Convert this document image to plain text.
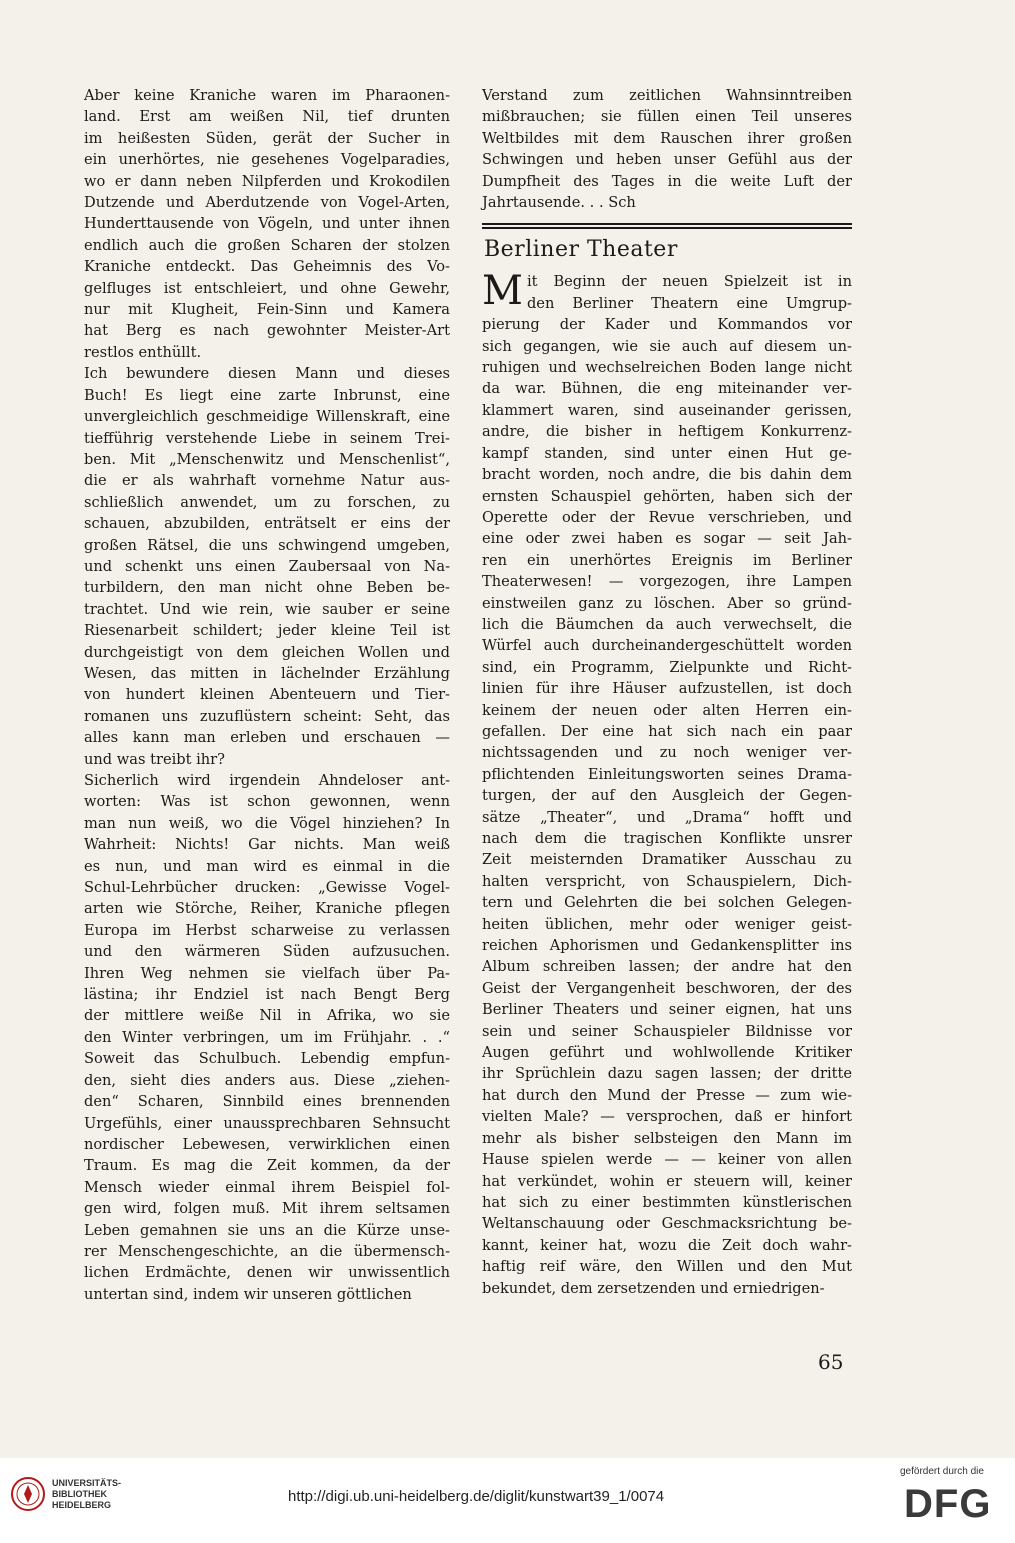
Aber keine Kraniche waren im Pharaonen-
land. Erst am weißen Nil, tief drunten
im heißesten Süden, gerät der Sucher in
ein unerhörtes, nie gesehenes Vogelparadies,
wo er dann neben Nilpferden und Krokodilen
Dutzende und Aberdutzende von Vogel-Arten,
Hunderttausende von Vögeln, und unter ihnen
endlich auch die großen Scharen der stolzen
Kraniche entdeckt. Das Geheimnis des Vo-
gelfluges ist entschleiert, und ohne Gewehr,
nur mit Klugheit, Fein-Sinn und Kamera
hat Berg es nach gewohnter Meister-Art
restlos enthüllt.
Ich bewundere diesen Mann und dieses
Buch! Es liegt eine zarte Inbrunst, eine
unvergleichlich geschmeidige Willenskraft, eine
tiefführig verstehende Liebe in seinem Trei-
ben. Mit „Menschenwitz und Menschenlist“,
die er als wahrhaft vornehme Natur aus-
schließlich anwendet, um zu forschen, zu
schauen, abzubilden, enträtselt er eins der
großen Rätsel, die uns schwingend umgeben,
und schenkt uns einen Zaubersaal von Na-
turbildern, den man nicht ohne Beben be-
trachtet. Und wie rein, wie sauber er seine
Riesenarbeit schildert; jeder kleine Teil ist
durchgeistigt von dem gleichen Wollen und
Wesen, das mitten in lächelnder Erzählung
von hundert kleinen Abenteuern und Tier-
romanen uns zuzuflüstern scheint: Seht, das
alles kann man erleben und erschauen —
und was treibt ihr?
Sicherlich wird irgendein Ahndeloser ant-
worten: Was ist schon gewonnen, wenn
man nun weiß, wo die Vögel hinziehen? In
Wahrheit: Nichts! Gar nichts. Man weiß
es nun, und man wird es einmal in die
Schul-Lehrbücher drucken: „Gewisse Vogel-
arten wie Störche, Reiher, Kraniche pflegen
Europa im Herbst scharweise zu verlassen
und den wärmeren Süden aufzusuchen.
Ihren Weg nehmen sie vielfach über Pa-
lästina; ihr Endziel ist nach Bengt Berg
der mittlere weiße Nil in Afrika, wo sie
den Winter verbringen, um im Frühjahr. . .“
Soweit das Schulbuch. Lebendig empfun-
den, sieht dies anders aus. Diese „ziehen-
den“ Scharen, Sinnbild eines brennenden
Urgefühls, einer unaussprechbaren Sehnsucht
nordischer Lebewesen, verwirklichen einen
Traum. Es mag die Zeit kommen, da der
Mensch wieder einmal ihrem Beispiel fol-
gen wird, folgen muß. Mit ihrem seltsamen
Leben gemahnen sie uns an die Kürze unse-
rer Menschengeschichte, an die übermensch-
lichen Erdmächte, denen wir unwissentlich
untertan sind, indem wir unseren göttlichen
Verstand zum zeitlichen Wahnsinntreiben
mißbrauchen; sie füllen einen Teil unseres
Weltbildes mit dem Rauschen ihrer großen
Schwingen und heben unser Gefühl aus der
Dumpfheit des Tages in die weite Luft der
Jahrtausende. . . Sch
Berliner Theater
M it Beginn der neuen Spielzeit ist in
den Berliner Theatern eine Umgrup-
pierung der Kader und Kommandos vor
sich gegangen, wie sie auch auf diesem un-
ruhigen und wechselreichen Boden lange nicht
da war. Bühnen, die eng miteinander ver-
klammert waren, sind auseinander gerissen,
andre, die bisher in heftigem Konkurrenz-
kampf standen, sind unter einen Hut ge-
bracht worden, noch andre, die bis dahin dem
ernsten Schauspiel gehörten, haben sich der
Operette oder der Revue verschrieben, und
eine oder zwei haben es sogar — seit Jah-
ren ein unerhörtes Ereignis im Berliner
Theaterwesen! — vorgezogen, ihre Lampen
einstweilen ganz zu löschen. Aber so gründ-
lich die Bäumchen da auch verwechselt, die
Würfel auch durcheinandergeschüttelt worden
sind, ein Programm, Zielpunkte und Richt-
linien für ihre Häuser aufzustellen, ist doch
keinem der neuen oder alten Herren ein-
gefallen. Der eine hat sich nach ein paar
nichtssagenden und zu noch weniger ver-
pflichtenden Einleitungsworten seines Drama-
turgen, der auf den Ausgleich der Gegen-
sätze „Theater“, und „Drama“ hofft und
nach dem die tragischen Konflikte unsrer
Zeit meisternden Dramatiker Ausschau zu
halten verspricht, von Schauspielern, Dich-
tern und Gelehrten die bei solchen Gelegen-
heiten üblichen, mehr oder weniger geist-
reichen Aphorismen und Gedankensplitter ins
Album schreiben lassen; der andre hat den
Geist der Vergangenheit beschworen, der des
Berliner Theaters und seiner eignen, hat uns
sein und seiner Schauspieler Bildnisse vor
Augen geführt und wohlwollende Kritiker
ihr Sprüchlein dazu sagen lassen; der dritte
hat durch den Mund der Presse — zum wie-
vielten Male? — versprochen, daß er hinfort
mehr als bisher selbsteigen den Mann im
Hause spielen werde — — keiner von allen
hat verkündet, wohin er steuern will, keiner
hat sich zu einer bestimmten künstlerischen
Weltanschauung oder Geschmacksrichtung be-
kannt, keiner hat, wozu die Zeit doch wahr-
haftig reif wäre, den Willen und den Mut
bekundet, dem zersetzenden und erniedrigen-
65
UNIVERSITÄTS-
BIBLIOTHEK
HEIDELBERG	http://digi.ub.uni-heidelberg.de/diglit/kunstwart39_1/0074
gefördert durch die
DFG
